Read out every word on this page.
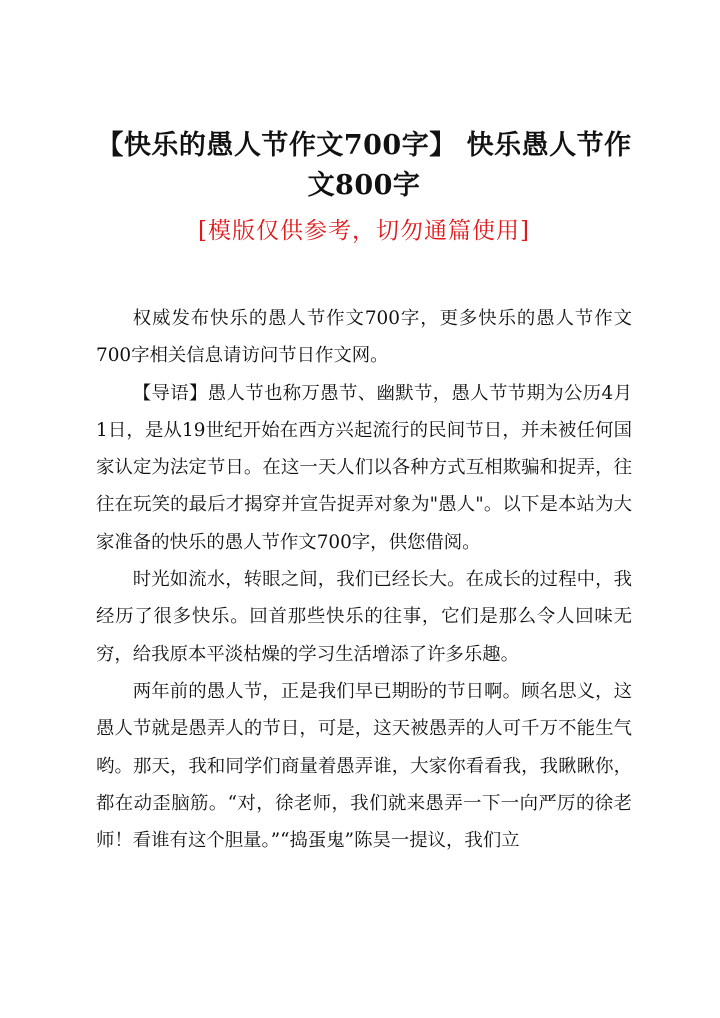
【快乐的愚人节作文700字】 快乐愚人节作文800字
[模版仅供参考，切勿通篇使用]

权威发布快乐的愚人节作文700字，更多快乐的愚人节作文700字相关信息请访问节日作文网。

【导语】愚人节也称万愚节、幽默节，愚人节节期为公历4月1日，是从19世纪开始在西方兴起流行的民间节日，并未被任何国家认定为法定节日。在这一天人们以各种方式互相欺骗和捉弄，往往在玩笑的最后才揭穿并宣告捉弄对象为"愚人"。以下是本站为大家准备的快乐的愚人节作文700字，供您借阅。

时光如流水，转眼之间，我们已经长大。在成长的过程中，我经历了很多快乐。回首那些快乐的往事，它们是那么令人回味无穷，给我原本平淡枯燥的学习生活增添了许多乐趣。

两年前的愚人节，正是我们早已期盼的节日啊。顾名思义，这愚人节就是愚弄人的节日，可是，这天被愚弄的人可千万不能生气哟。那天，我和同学们商量着愚弄谁，大家你看看我，我瞅瞅你，都在动歪脑筋。“对，徐老师，我们就来愚弄一下一向严厉的徐老师！看谁有这个胆量。”“捣蛋鬼”陈昊一提议，我们立
